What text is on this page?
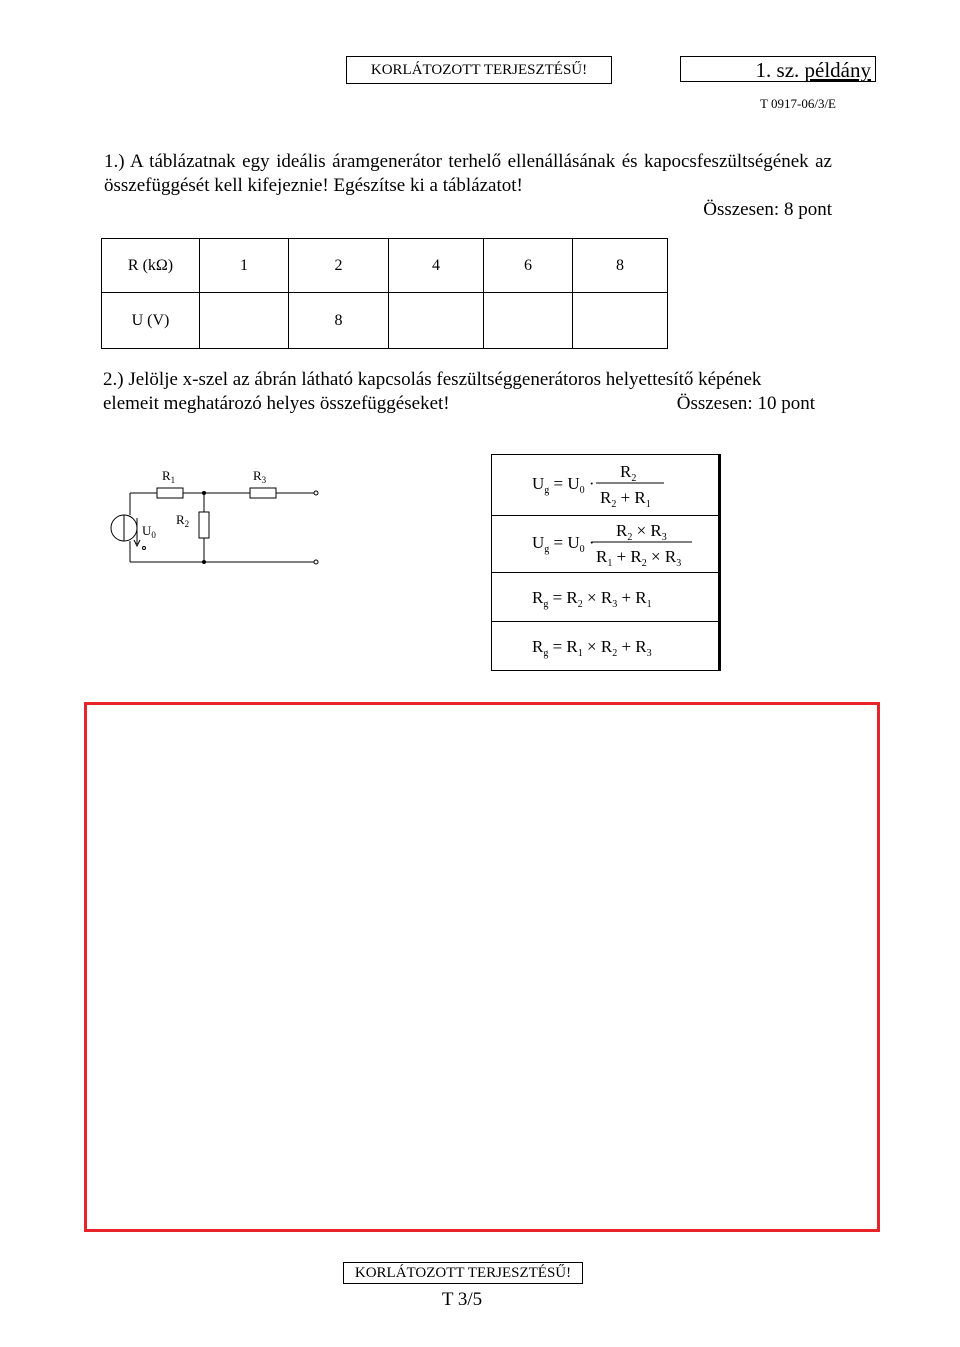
KORLÁTOZOTT TERJESZTÉSŰ!	1. sz. példány
T 0917-06/3/E
1.) A táblázatnak egy ideális áramgenerátor terhelő ellenállásának és kapocsfeszültségének az összefüggését kell kifejeznie! Egészítse ki a táblázatot!
Összesen: 8 pont
R (kΩ)	1	2	4	6	8
U (V)		8			
2.) Jelölje x-szel az ábrán látható kapcsolás feszültséggenerátoros helyettesítő képének
elemeit meghatározó helyes összefüggéseket!	Összesen: 10 pont
$R_1$	$R_3$
$R_2$
$U_0$
$U_g = U_0$ ·
$R_2$
$R_2 + R_1$
$U_g = U_0$ ·
$R_2 \times R_3$
$R_1 + R_2 \times R_3$
$R_g = R_2 \times R_3 + R_1$
$R_g = R_1 \times R_2 + R_3$
KORLÁTOZOTT TERJESZTÉSŰ!
T 3/5
